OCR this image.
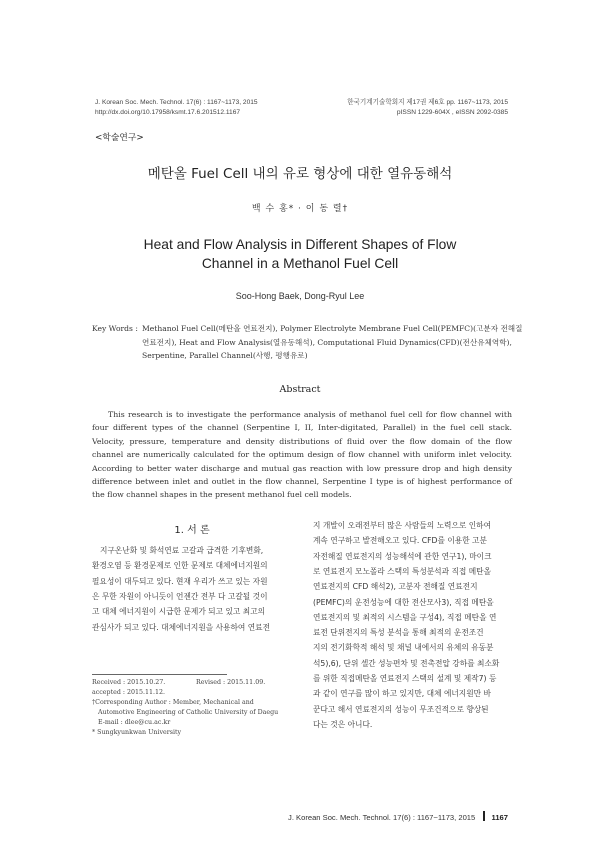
J. Korean Soc. Mech. Technol. 17(6) : 1167~1173, 2015
http://dx.doi.org/10.17958/ksmt.17.6.201512.1167
한국기계기술학회지 제17권 제6호 pp. 1167~1173, 2015
pISSN 1229-604X , eISSN 2092-0385
<학술연구>
메탄올 Fuel Cell 내의 유로 형상에 대한 열유동해석
백 수 홍* · 이 동 렬†
Heat and Flow Analysis in Different Shapes of Flow
Channel in a Methanol Fuel Cell
Soo-Hong Baek, Dong-Ryul Lee
Key Words : Methanol Fuel Cell(메탄올 연료전지), Polymer Electrolyte Membrane Fuel Cell(PEMFC)(고분자 전해질
연료전지), Heat and Flow Analysis(열유동해석), Computational Fluid Dynamics(CFD)(전산유체역학),
Serpentine, Parallel Channel(사행, 평행유로)
Abstract
This research is to investigate the performance analysis of methanol fuel cell for flow channel with
four different types of the channel (Serpentine I, II, Inter-digitated, Parallel) in the fuel cell stack.
Velocity, pressure, temperature and density distributions of fluid over the flow domain of the flow
channel are numerically calculated for the optimum design of flow channel with uniform inlet velocity.
According to better water discharge and mutual gas reaction with low pressure drop and high density
difference between inlet and outlet in the flow channel, Serpentine I type is of highest performance of
the flow channel shapes in the present methanol fuel cell models.
1. 서 론
지구온난화 및 화석연료 고갈과 급격한 기후변화,
환경오염 등 환경문제로 인한 문제로 대체에너지원의
필요성이 대두되고 있다. 현재 우리가 쓰고 있는 자원
은 무한 자원이 아니듯이 언젠간 전부 다 고갈될 것이
고 대체 에너지원이 시급한 문제가 되고 있고 최고의
관심사가 되고 있다. 대체에너지원을 사용하여 연료전
Received : 2015.10.27.	Revised : 2015.11.09.
accepted : 2015.11.12.
†Corresponding Author : Member, Mechanical and
Automotive Engineering of Catholic University of Daegu
E-mail : dlee@cu.ac.kr
* Sungkyunkwan University
지 개발이 오래전부터 많은 사람들의 노력으로 인하여
계속 연구하고 발전해오고 있다. CFD를 이용한 고분
자전해질 연료전지의 성능해석에 관한 연구1), 마이크
로 연료전지 모노폴라 스택의 특성분석과 직접 메탄올
연료전지의 CFD 해석2), 고분자 전해질 연료전지
(PEMFC)의 운전성능에 대한 전산모사3), 직접 메탄올
연료전지의 및 최적의 시스템을 구성4), 직접 메탄올 연
료전 단위전지의 특성 분석을 통해 최적의 운전조건
지의 전기화학적 해석 및 채널 내에서의 유체의 유동분
석5),6), 단위 셀간 성능편차 및 전촉전압 강하를 최소화
를 위한 직접메탄올 연료전지 스택의 설계 및 제작7) 등
과 같이 연구를 많이 하고 있지만, 대체 에너지원만 바
꾼다고 해서 연료전지의 성능이 무조건적으로 향상된
다는 것은 아니다.
J. Korean Soc. Mech. Technol. 17(6) : 1167~1173, 2015 1167
